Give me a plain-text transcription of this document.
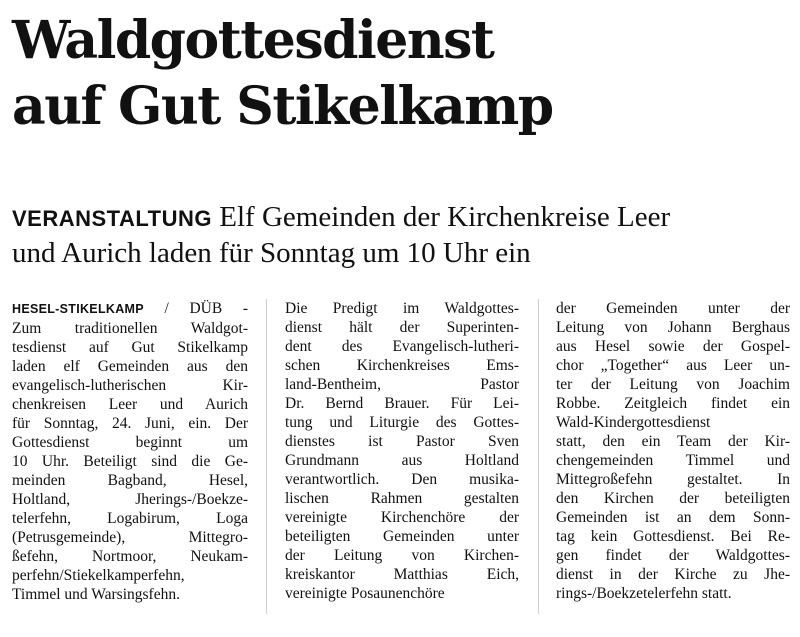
Waldgottesdienst
auf Gut Stikelkamp
VERANSTALTUNG Elf Gemeinden der Kirchenkreise Leer
und Aurich laden für Sonntag um 10 Uhr ein
HESEL-STIKELKAMP / DÜB -
Zum traditionellen Waldgot-
tesdienst auf Gut Stikelkamp
laden elf Gemeinden aus den
evangelisch-lutherischen Kir-
chenkreisen Leer und Aurich
für Sonntag, 24. Juni, ein. Der
Gottesdienst beginnt um
10 Uhr. Beteiligt sind die Ge-
meinden Bagband, Hesel,
Holtland, Jherings-/Boekze-
telerfehn, Logabirum, Loga
(Petrusgemeinde), Mittegro-
ßefehn, Nortmoor, Neukam-
perfehn/Stiekelkamperfehn,
Timmel und Warsingsfehn.
Die Predigt im Waldgottes-
dienst hält der Superinten-
dent des Evangelisch-lutheri-
schen Kirchenkreises Ems-
land-Bentheim, Pastor
Dr. Bernd Brauer. Für Lei-
tung und Liturgie des Gottes-
dienstes ist Pastor Sven
Grundmann aus Holtland
verantwortlich. Den musika-
lischen Rahmen gestalten
vereinigte Kirchenchöre der
beteiligten Gemeinden unter
der Leitung von Kirchen-
kreiskantor Matthias Eich,
vereinigte Posaunenchöre
der Gemeinden unter der
Leitung von Johann Berghaus
aus Hesel sowie der Gospel-
chor „Together“ aus Leer un-
ter der Leitung von Joachim
Robbe. Zeitgleich findet ein
Wald-Kindergottesdienst
statt, den ein Team der Kir-
chengemeinden Timmel und
Mittegroßefehn gestaltet. In
den Kirchen der beteiligten
Gemeinden ist an dem Sonn-
tag kein Gottesdienst. Bei Re-
gen findet der Waldgottes-
dienst in der Kirche zu Jhe-
rings-/Boekzetelerfehn statt.
